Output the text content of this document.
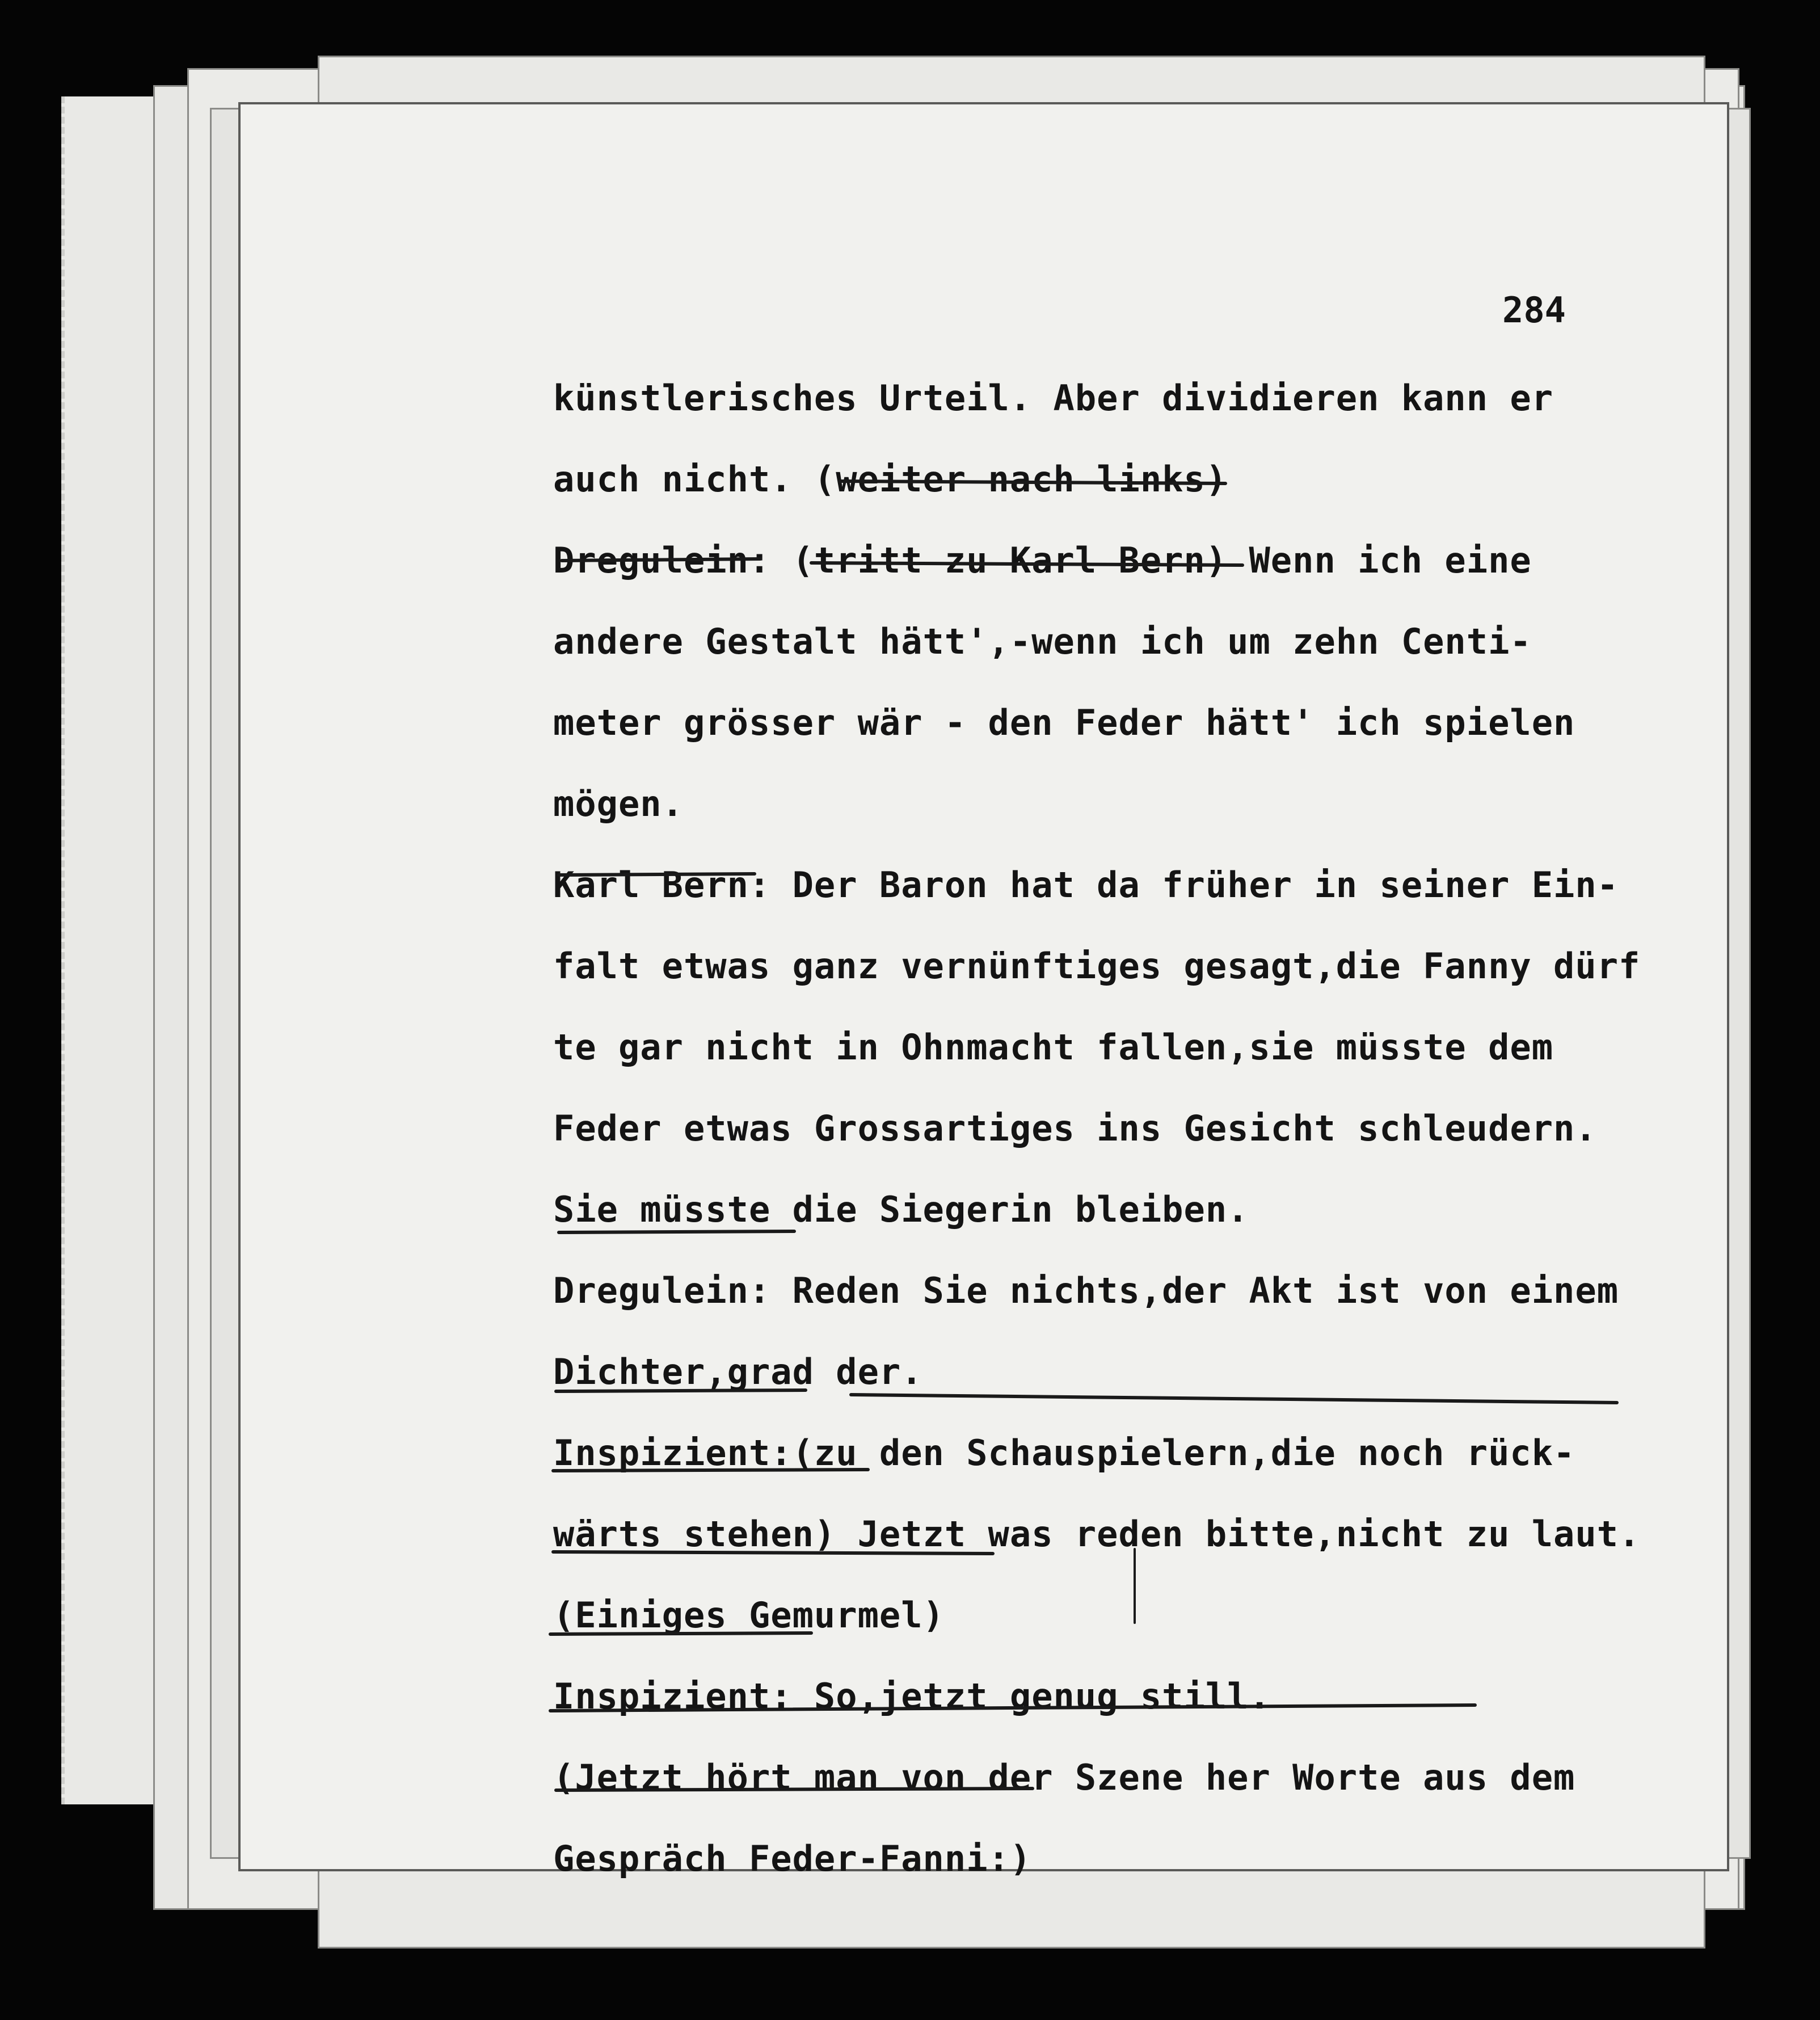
284
künstlerisches Urteil. Aber dividieren kann er
auch nicht. (weiter nach links)
Dregulein: (tritt zu Karl Bern) Wenn ich eine
andere Gestalt hätt',-wenn ich um zehn Centi-
meter grösser wär - den Feder hätt' ich spielen
mögen.
Karl Bern: Der Baron hat da früher in seiner Ein-
falt etwas ganz vernünftiges gesagt,die Fanny dürf
te gar nicht in Ohnmacht fallen,sie müsste dem
Feder etwas Grossartiges ins Gesicht schleudern.
Sie müsste die Siegerin bleiben.
Dregulein: Reden Sie nichts,der Akt ist von einem
Dichter,grad der.
Inspizient:(zu den Schauspielern,die noch rück-
wärts stehen) Jetzt was reden bitte,nicht zu laut.
(Einiges Gemurmel)
Inspizient: So,jetzt genug still.
(Jetzt hört man von der Szene her Worte aus dem
Gespräch Feder-Fanni:)
